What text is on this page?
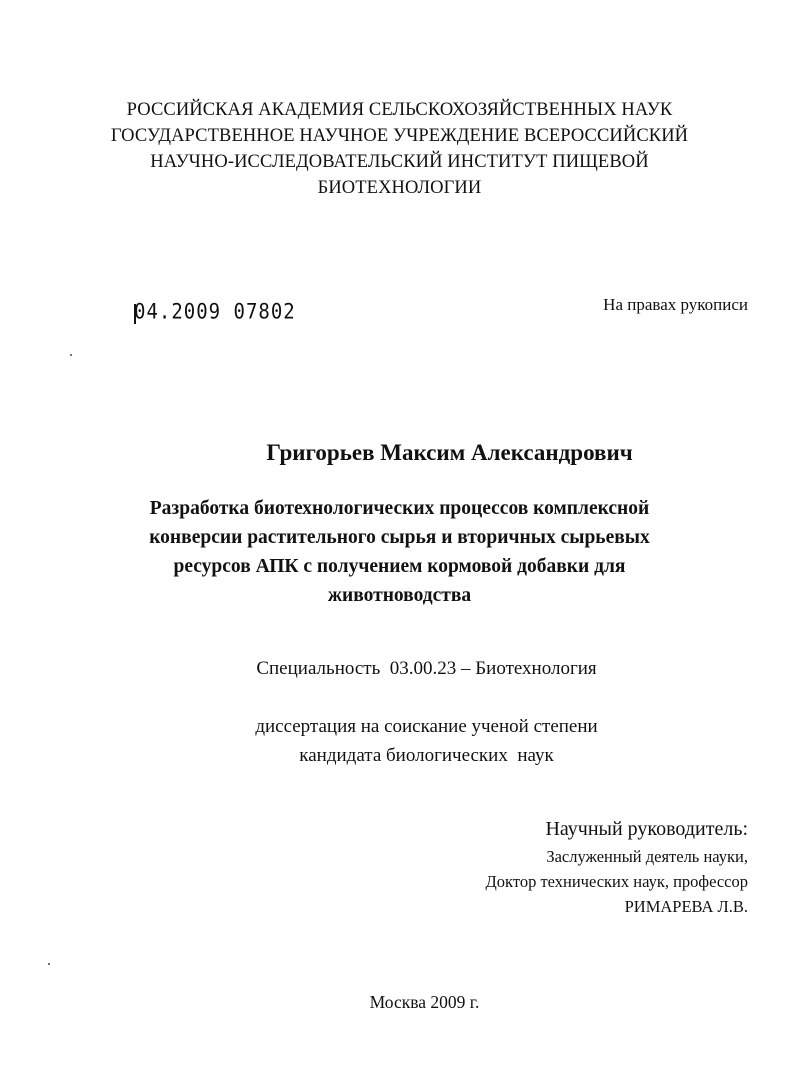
РОССИЙСКАЯ АКАДЕМИЯ СЕЛЬСКОХОЗЯЙСТВЕННЫХ НАУК
ГОСУДАРСТВЕННОЕ НАУЧНОЕ УЧРЕЖДЕНИЕ ВСЕРОССИЙСКИЙ
НАУЧНО-ИССЛЕДОВАТЕЛЬСКИЙ ИНСТИТУТ ПИЩЕВОЙ
БИОТЕХНОЛОГИИ
04.2009 07802	На правах рукописи
Григорьев Максим Александрович
Разработка биотехнологических процессов комплексной
конверсии растительного сырья и вторичных сырьевых
ресурсов АПК с получением кормовой добавки для
животноводства
Специальность  03.00.23 – Биотехнология
диссертация на соискание ученой степени
кандидата биологических  наук
Научный руководитель:
Заслуженный деятель науки,
Доктор технических наук, профессор
РИМАРЕВА Л.В.
Москва 2009 г.
